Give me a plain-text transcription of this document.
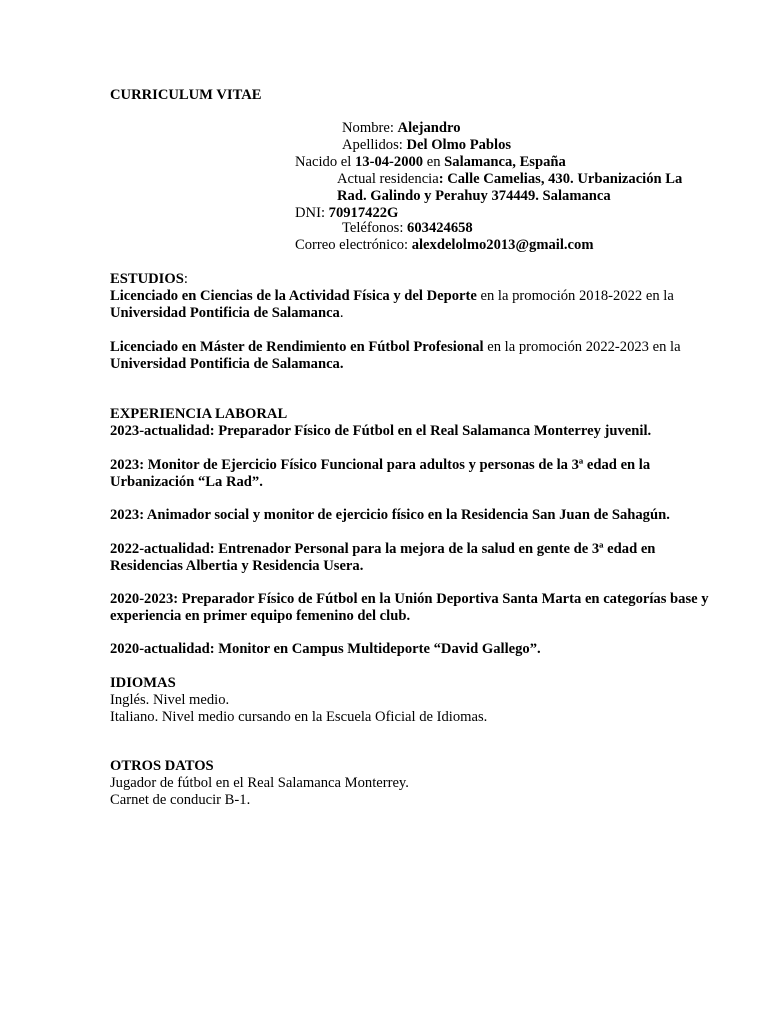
CURRICULUM VITAE
Nombre: Alejandro
Apellidos: Del Olmo Pablos
Nacido el 13-04-2000 en Salamanca, España
Actual residencia: Calle Camelias, 430. Urbanización La
Rad. Galindo y Perahuy 374449. Salamanca
DNI: 70917422G
Teléfonos: 603424658
Correo electrónico: alexdelolmo2013@gmail.com
ESTUDIOS:
Licenciado en Ciencias de la Actividad Física y del Deporte en la promoción 2018-2022 en la Universidad Pontificia de Salamanca.
Licenciado en Máster de Rendimiento en Fútbol Profesional en la promoción 2022-2023 en la Universidad Pontificia de Salamanca.
EXPERIENCIA LABORAL
2023-actualidad: Preparador Físico de Fútbol en el Real Salamanca Monterrey juvenil.
2023: Monitor de Ejercicio Físico Funcional para adultos y personas de la 3ª edad en la Urbanización “La Rad”.
2023: Animador social y monitor de ejercicio físico en la Residencia San Juan de Sahagún.
2022-actualidad: Entrenador Personal para la mejora de la salud en gente de 3ª edad en Residencias Albertia y Residencia Usera.
2020-2023: Preparador Físico de Fútbol en la Unión Deportiva Santa Marta en categorías base y experiencia en primer equipo femenino del club.
2020-actualidad: Monitor en Campus Multideporte “David Gallego”.
IDIOMAS
Inglés. Nivel medio.
Italiano. Nivel medio cursando en la Escuela Oficial de Idiomas.
OTROS DATOS
Jugador de fútbol en el Real Salamanca Monterrey.
Carnet de conducir B-1.
